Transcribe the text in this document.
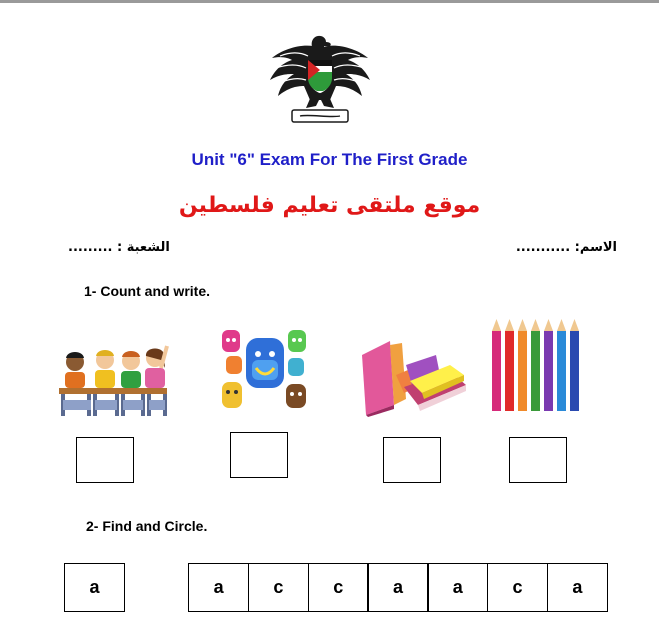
Unit "6" Exam For The First Grade
موقع ملتقى تعليم فلسطين
الاسم: ...........
الشعبة : .........
1- Count and write.
2- Find and Circle.
a	a	c	c	a	a	c	a
